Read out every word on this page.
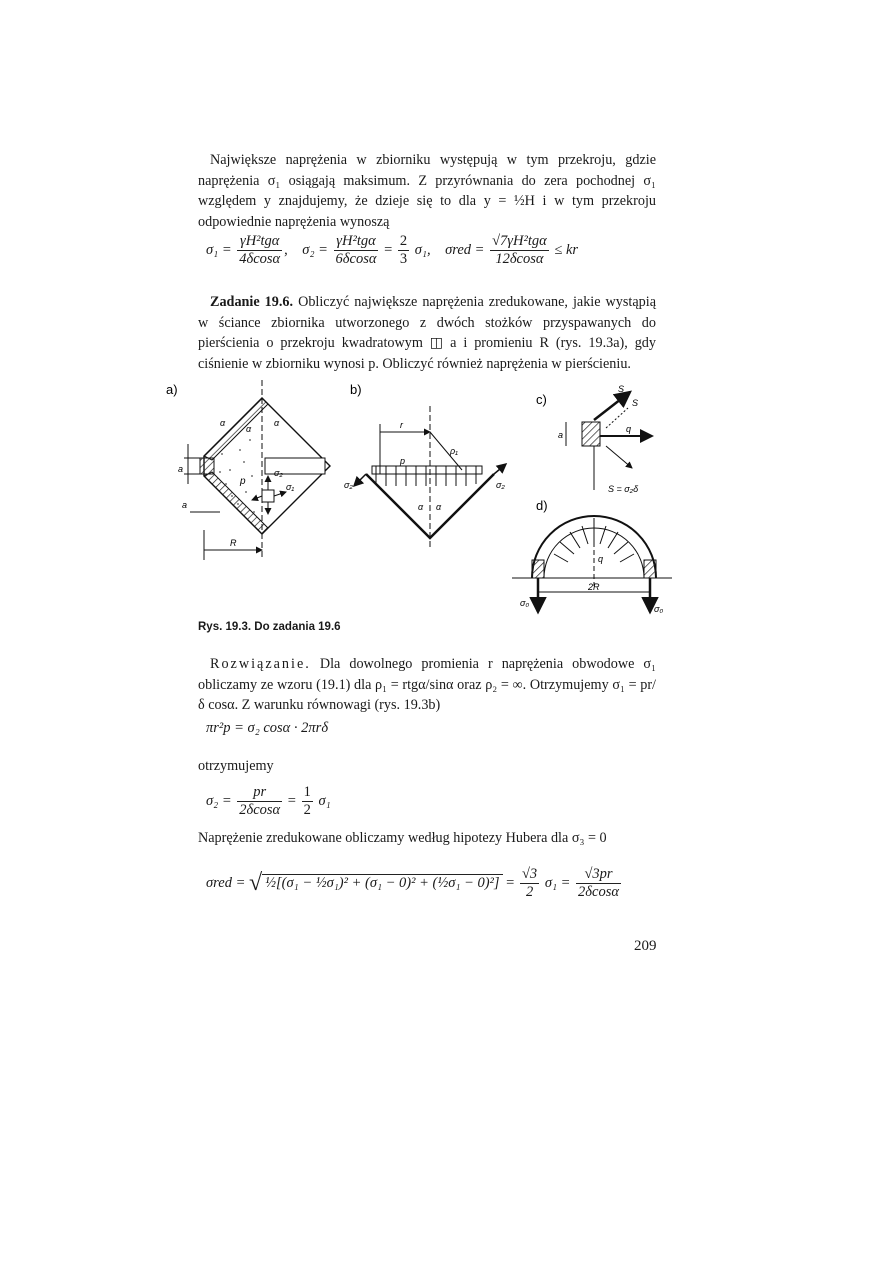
Największe naprężenia w zbiorniku występują w tym przekroju, gdzie naprężenia σ₁ osiągają maksimum. Z przyrównania do zera pochodnej σ₁ względem y znajdujemy, że dzieje się to dla y = ½H i w tym przekroju odpowiednie naprężenia wynoszą

$\sigma_1 = \frac{\text{γH²tgα}}{4\delta\cos\alpha}$ , $\sigma_2 = \frac{\text{γH²tgα}}{6\delta\cos\alpha} = \frac{2}{3} \sigma_1$, $\sigma red = \frac{\text{√7γH²tgα}}{12\delta\cos\alpha}$ ≤ kr

Zadanie 19.6. Obliczyć największe naprężenia zredukowane, jakie wystąpią w ściance zbiornika utworzonego z dwóch stożków przyspawanych do pierścienia o przekroju kwadratowym ◫ a i promieniu R (rys. 19.3a), gdy ciśnienie w zbiorniku wynosi p. Obliczyć również naprężenia w pierścieniu.

a)
α
α
α
p
σ₂
σ₁
a
a
R
b)
r
ρ₁
p
σ₂	σ₂
α α
c)
S
S
q
a
S = σ₂δ
d)
q
2R
σ₀
σ₀
Rys. 19.3. Do zadania 19.6

Rozwiązanie. Dla dowolnego promienia r naprężenia obwodowe σ₁ obliczamy ze wzoru (19.1) dla ρ₁ = rtgα/sinα oraz ρ₂ = ∞. Otrzymujemy σ₁ = pr/δ cosα. Z warunku równowagi (rys. 19.3b)

πr²p = σ₂ cosα · 2πrδ

otrzymujemy

$\sigma_2 = \frac{pr}{2\delta\cos\alpha} = \frac{1}{2} \sigma_1$

Naprężenie zredukowane obliczamy według hipotezy Hubera dla σ₃ = 0

σred = √ ½[(σ₁ − ½σ₁)² + (σ₁ − 0)² + (½σ₁ − $0)^2] = \frac{√3}{2} \sigma_1 = \frac{√3pr}{2\delta\cos\alpha}$
209
